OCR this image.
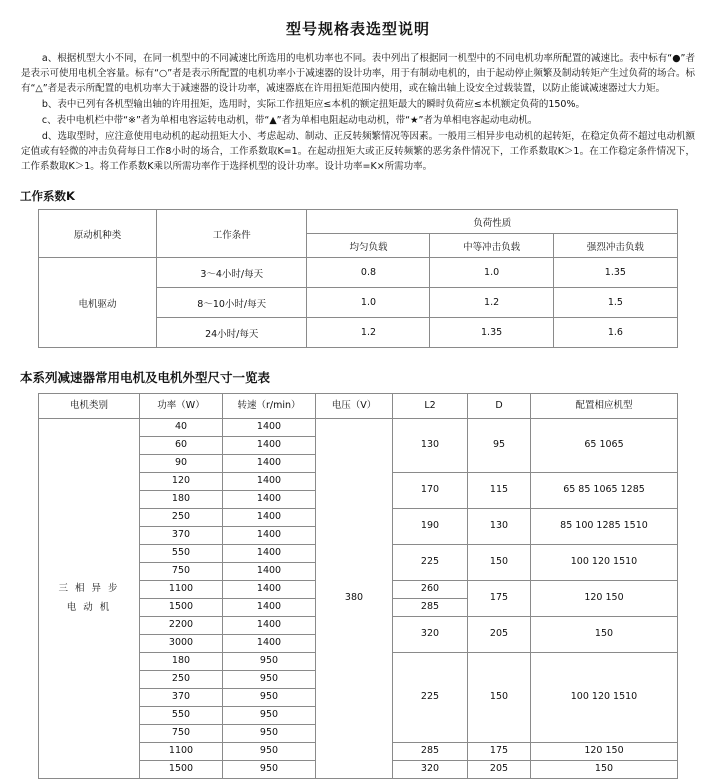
型号规格表选型说明

a、根据机型大小不同，在同一机型中的不同减速比所选用的电机功率也不同。表中列出了根据同一机型中的不同电机功率所配置的减速比。表中标有“●”者是表示可使用电机全容量。标有“○”者是表示所配置的电机功率小于减速器的设计功率，用于有制动电机的，由于起动停止频繁及制动转矩产生过负荷的场合。标有“△”者是表示所配置的电机功率大于减速器的设计功率，减速器底在许用扭矩范围内使用，或在输出轴上设安全过载装置，以防止能诚减速器过大力矩。

b、表中已列有各机型输出轴的许用扭矩，选用时，实际工作扭矩应≤本机的额定扭矩最大的瞬时负荷应≤本机额定负荷的150%。

c、表中电机栏中带“※”者为单相电容运转电动机，带“▲”者为单相电阻起动电动机，带“★”者为单相电容起动电动机。

d、选取型时，应注意使用电动机的起动扭矩大小、考虑起动、制动、正反转频繁情况等因素。一般用三相异步电动机的起转矩，在稳定负荷不超过电动机额定值或有轻微的冲击负荷每日工作8小时的场合，工作系数取K=1。在起动扭矩大或正反转频繁的恶劣条件情况下，工作系数取K＞1。在工作稳定条件情况下，工作系数取K＞1。将工作系数K乘以所需功率作于选择机型的设计功率。设计功率=K×所需功率。

工作系数K
原动机种类	工作条件	负荷性质		
		均匀负载	中等冲击负载	强烈冲击负载
电机驱动	3～4小时/每天	0.8	1.0	1.35
	8～10小时/每天	1.0	1.2	1.5
	24小时/每天	1.2	1.35	1.6
本系列减速器常用电机及电机外型尺寸一览表
电机类别	功率（W）	转速（r/min）	电压（V）	L2	D	配置相应机型

三 相 异 步
电 动 机	40	1400	380	130	95	65 1065
	60	1400				
	90	1400				
	120	1400		170	115	65 85 1065 1285
	180	1400				
	250	1400		190	130	85 100 1285 1510
	370	1400				
	550	1400		225	150	100 120 1510
	750	1400				
	1100	1400		260	175	120 150
	1500	1400		285		
	2200	1400		320	205	150
	3000	1400				
	180	950		225	150	100 120 1510
	250	950				
	370	950				
	550	950				
	750	950				
	1100	950		285	175	120 150
	1500	950		320	205	150
